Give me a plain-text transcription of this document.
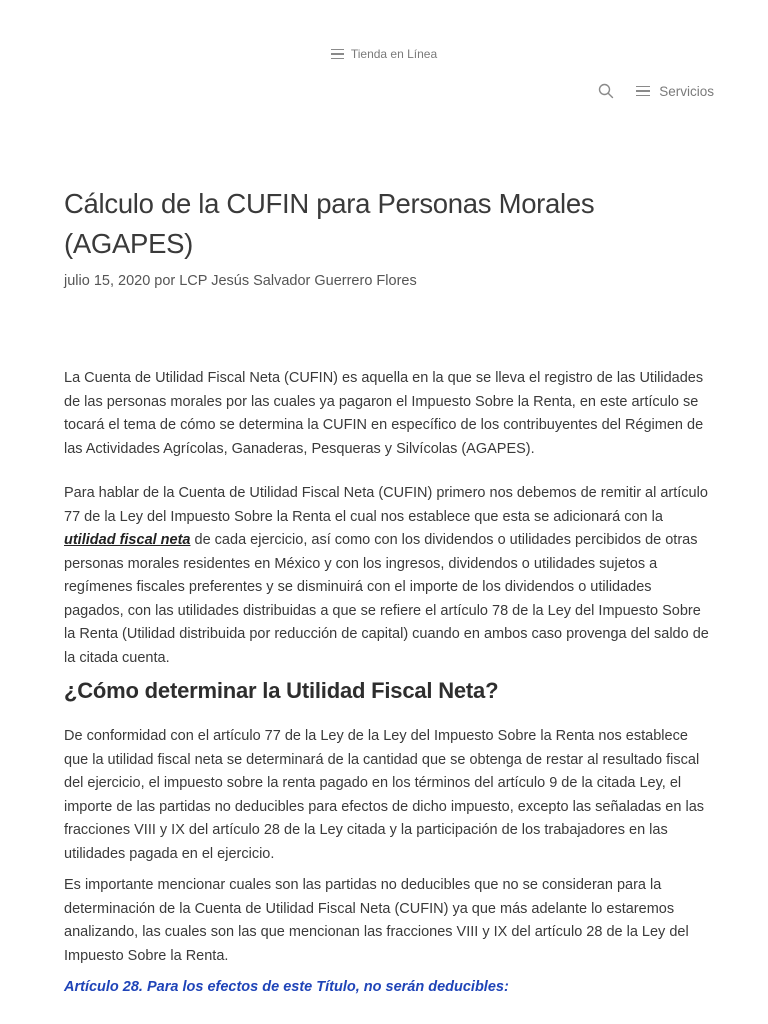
Tienda en Línea
Servicios
Cálculo de la CUFIN para Personas Morales (AGAPES)
julio 15, 2020 por LCP Jesús Salvador Guerrero Flores

La Cuenta de Utilidad Fiscal Neta (CUFIN) es aquella en la que se lleva el registro de las Utilidades de las personas morales por las cuales ya pagaron el Impuesto Sobre la Renta, en este artículo se tocará el tema de cómo se determina la CUFIN en específico de los contribuyentes del Régimen de las Actividades Agrícolas, Ganaderas, Pesqueras y Silvícolas (AGAPES).

Para hablar de la Cuenta de Utilidad Fiscal Neta (CUFIN) primero nos debemos de remitir al artículo 77 de la Ley del Impuesto Sobre la Renta el cual nos establece que esta se adicionará con la utilidad fiscal neta de cada ejercicio, así como con los dividendos o utilidades percibidos de otras personas morales residentes en México y con los ingresos, dividendos o utilidades sujetos a regímenes fiscales preferentes y se disminuirá con el importe de los dividendos o utilidades pagados, con las utilidades distribuidas a que se refiere el artículo 78 de la Ley del Impuesto Sobre la Renta (Utilidad distribuida por reducción de capital) cuando en ambos caso provenga del saldo de la citada cuenta.

¿Cómo determinar la Utilidad Fiscal Neta?

De conformidad con el artículo 77 de la Ley de la Ley del Impuesto Sobre la Renta nos establece que la utilidad fiscal neta se determinará de la cantidad que se obtenga de restar al resultado fiscal del ejercicio, el impuesto sobre la renta pagado en los términos del artículo 9 de la citada Ley, el importe de las partidas no deducibles para efectos de dicho impuesto, excepto las señaladas en las fracciones VIII y IX del artículo 28 de la Ley citada y la participación de los trabajadores en las utilidades pagada en el ejercicio.

Es importante mencionar cuales son las partidas no deducibles que no se consideran para la determinación de la Cuenta de Utilidad Fiscal Neta (CUFIN) ya que más adelante lo estaremos analizando, las cuales son las que mencionan las fracciones VIII y IX del artículo 28 de la Ley del Impuesto Sobre la Renta.

Artículo 28. Para los efectos de este Título, no serán deducibles:
